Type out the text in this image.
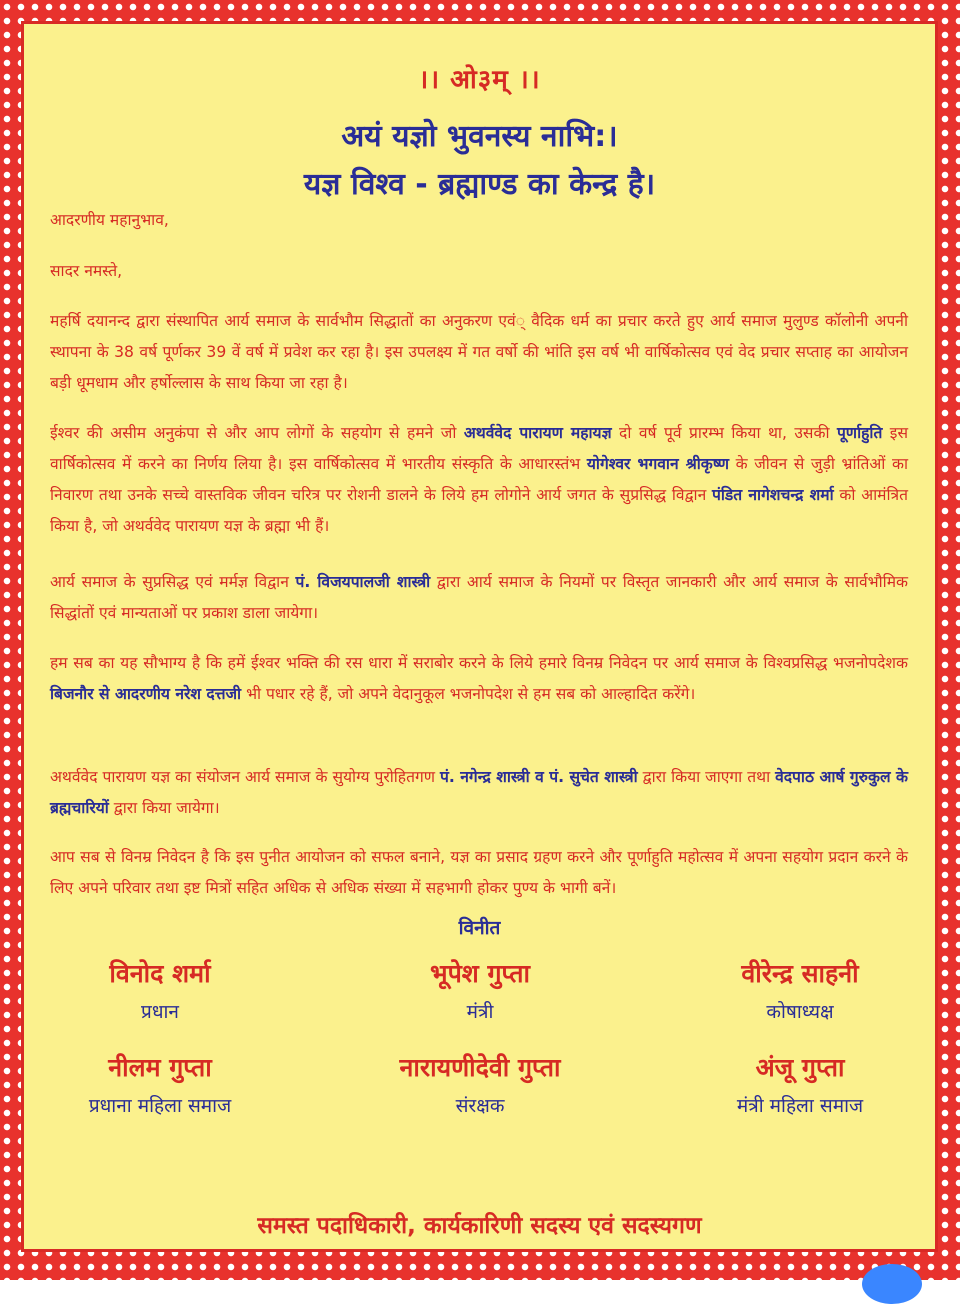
।। ओ३म् ।।
अयं यज्ञो भुवनस्य नाभि:।
यज्ञ विश्व - ब्रह्माण्ड का केन्द्र है।
आदरणीय महानुभाव,
सादर नमस्ते,
महर्षि दयानन्द द्वारा संस्थापित आर्य समाज के सार्वभौम सिद्धातों का अनुकरण एवं् वैदिक धर्म का प्रचार करते हुए आर्य समाज मुलुण्ड कॉलोनी अपनी स्थापना के 38 वर्ष पूर्णकर 39 वें वर्ष में प्रवेश कर रहा है। इस उपलक्ष्य में गत वर्षो की भांति इस वर्ष भी वार्षिकोत्सव एवं वेद प्रचार सप्ताह का आयोजन बड़ी धूमधाम और हर्षोल्लास के साथ किया जा रहा है।
ईश्वर की असीम अनुकंपा से और आप लोगों के सहयोग से हमने जो अथर्ववेद पारायण महायज्ञ दो वर्ष पूर्व प्रारम्भ किया था, उसकी पूर्णाहुति इस वार्षिकोत्सव में करने का निर्णय लिया है। इस वार्षिकोत्सव में भारतीय संस्कृति के आधारस्तंभ योगेश्वर भगवान श्रीकृष्ण के जीवन से जुड़ी भ्रांतिओं का निवारण तथा उनके सच्चे वास्तविक जीवन चरित्र पर रोशनी डालने के लिये हम लोगोने आर्य जगत के सुप्रसिद्ध विद्वान पंडित नागेशचन्द्र शर्मा को आमंत्रित किया है, जो अथर्ववेद पारायण यज्ञ के ब्रह्मा भी हैं।
आर्य समाज के सुप्रसिद्ध एवं मर्मज्ञ विद्वान पं. विजयपालजी शास्त्री द्वारा आर्य समाज के नियमों पर विस्तृत जानकारी और आर्य समाज के सार्वभौमिक सिद्धांतों एवं मान्यताओं पर प्रकाश डाला जायेगा।
हम सब का यह सौभाग्य है कि हमें ईश्वर भक्ति की रस धारा में सराबोर करने के लिये हमारे विनम्र निवेदन पर आर्य समाज के विश्वप्रसिद्ध भजनोपदेशक बिजनौर से आदरणीय नरेश दत्तजी भी पधार रहे हैं, जो अपने वेदानुकूल भजनोपदेश से हम सब को आल्हादित करेंगे।
अथर्ववेद पारायण यज्ञ का संयोजन आर्य समाज के सुयोग्य पुरोहितगण पं. नगेन्द्र शास्त्री व पं. सुचेत शास्त्री द्वारा किया जाएगा तथा वेदपाठ आर्ष गुरुकुल के ब्रह्मचारियों द्वारा किया जायेगा।
आप सब से विनम्र निवेदन है कि इस पुनीत आयोजन को सफल बनाने, यज्ञ का प्रसाद ग्रहण करने और पूर्णाहुति महोत्सव में अपना सहयोग प्रदान करने के लिए अपने परिवार तथा इष्ट मित्रों सहित अधिक से अधिक संख्या में सहभागी होकर पुण्य के भागी बनें।
विनीत
विनोद शर्मा
प्रधान
भूपेश गुप्ता
मंत्री
वीरेन्द्र साहनी
कोषाध्यक्ष
नीलम गुप्ता
प्रधाना महिला समाज
नारायणीदेवी गुप्ता
संरक्षक
अंजू गुप्ता
मंत्री महिला समाज
समस्त पदाधिकारी, कार्यकारिणी सदस्य एवं सदस्यगण
